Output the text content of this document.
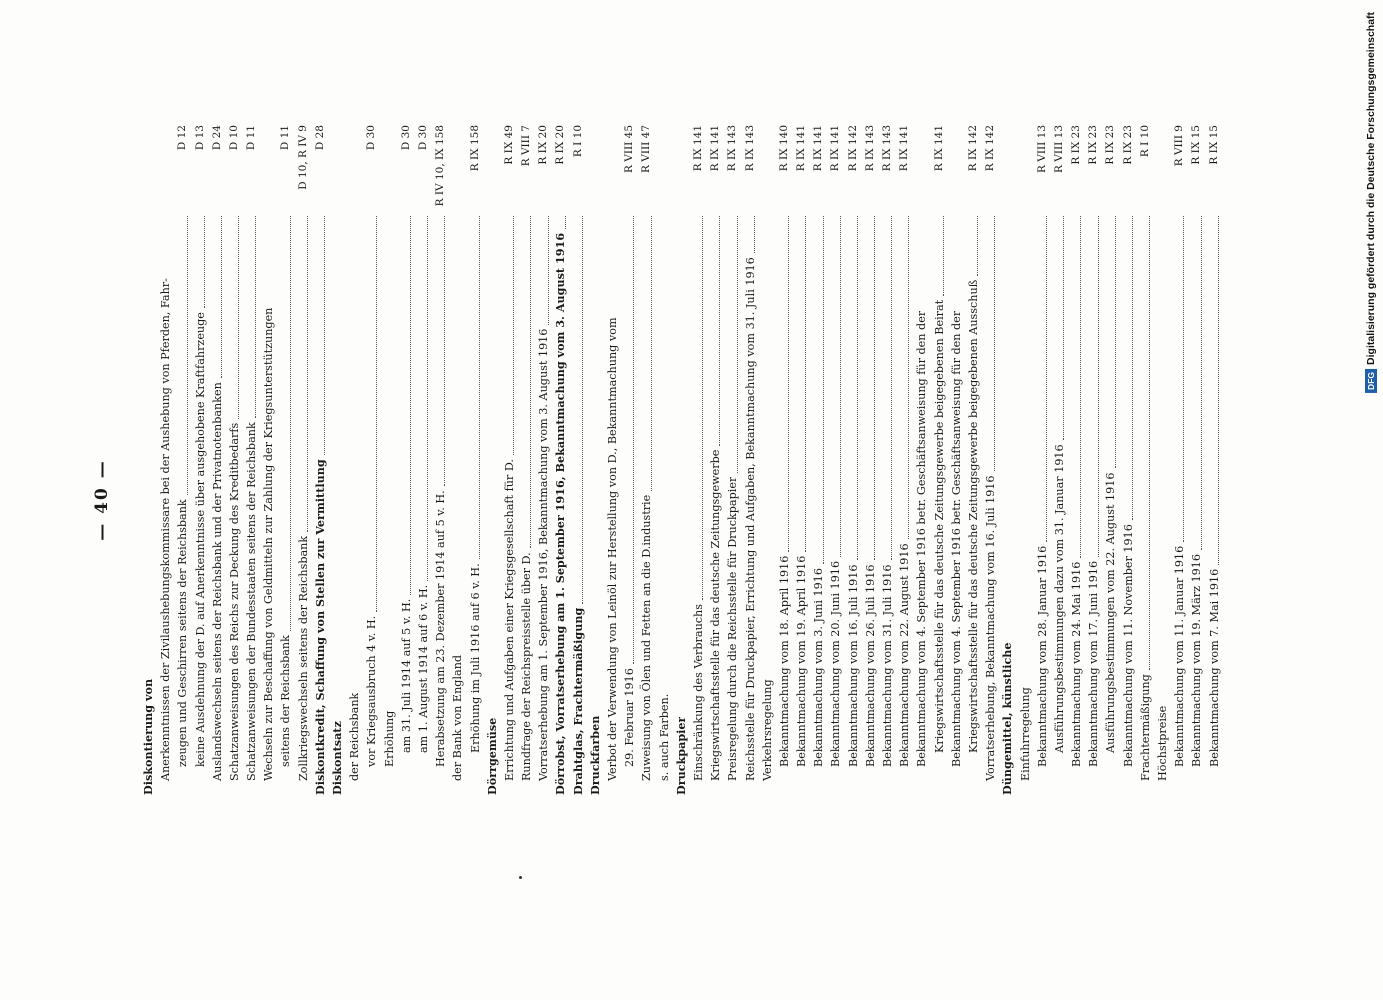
— 40 —
Diskontierung von Anerkenntnissen der Zivilaushebungskommissare bei der Aushebung von Pferden, Fahr- zeugen und Geschirren seitens der Reichsbank
D 12
keine Ausdehnung der D. auf Anerkenntnisse über ausgehobene Kraftfahrzeuge
D 13
Auslandswechseln seitens der Reichsbank und der Privatnotenbanken
D 24
Schatzanweisungen des Reichs zur Deckung des Kreditbedarfs
D 10
Schatzanweisungen der Bundesstaaten seitens der Reichsbank
D 11
Wechseln zur Beschaffung von Geldmitteln zur Zahlung der Kriegsunterstützungen seitens der Reichsbank
D 11
Zollkriegswechseln seitens der Reichsbank
D 10, R IV 9
Diskontkredit, Schaffung von Stellen zur Vermittlung
D 28
Diskontsatz der Reichsbank vor Kriegsausbruch 4 v. H.
D 30
Erhöhung am 31. Juli 1914 auf 5 v. H.
D 30
am 1. August 1914 auf 6 v. H.
D 30
Herabsetzung am 23. Dezember 1914 auf 5 v. H.
R IV 10, IX 158
der Bank von England Erhöhung im Juli 1916 auf 6 v. H.
R IX 158
Dörrgemüse Errichtung und Aufgaben einer Kriegsgesellschaft für D.
R IX 49
Rundfrage der Reichspreisstelle über D.
R VIII 7
Vorratserhebung am 1. September 1916, Bekanntmachung vom 3. August 1916
R IX 20
Dörrobst, Vorratserhebung am 1. September 1916, Bekanntmachung vom 3. August 1916
R IX 20
Drahtglas, Frachtermäßigung
R I 10
Druckfarben Verbot der Verwendung von Leinöl zur Herstellung von D., Bekanntmachung vom 29. Februar 1916
R VIII 45
Zuweisung von Ölen und Fetten an die D.industrie
R VIII 47
s. auch Farben. Druckpapier Einschränkung des Verbrauchs
R IX 141
Kriegswirtschaftsstelle für das deutsche Zeitungsgewerbe
R IX 141
Preisregelung durch die Reichsstelle für Druckpapier
R IX 143
Reichsstelle für Druckpapier, Errichtung und Aufgaben, Bekanntmachung vom 31. Juli 1916
R IX 143
Verkehrsregelung Bekanntmachung vom 18. April 1916
R IX 140
Bekanntmachung vom 19. April 1916
R IX 141
Bekanntmachung vom 3. Juni 1916
R IX 141
Bekanntmachung vom 20. Juni 1916
R IX 141
Bekanntmachung vom 16. Juli 1916
R IX 142
Bekanntmachung vom 26. Juli 1916
R IX 143
Bekanntmachung vom 31. Juli 1916
R IX 143
Bekanntmachung vom 22. August 1916
R IX 141
Bekanntmachung vom 4. September 1916 betr. Geschäftsanweisung für den der Kriegswirtschaftsstelle für das deutsche Zeitungsgewerbe beigegebenen Beirat
R IX 141
Bekanntmachung vom 4. September 1916 betr. Geschäftsanweisung für den der Kriegswirtschaftsstelle für das deutsche Zeitungsgewerbe beigegebenen Ausschuß
R IX 142
Vorratserhebung, Bekanntmachung vom 16. Juli 1916
R IX 142
Düngemittel, künstliche Einfuhrregelung Bekanntmachung vom 28. Januar 1916
R VIII 13
Ausführungsbestimmungen dazu vom 31. Januar 1916
R VIII 13
Bekanntmachung vom 24. Mai 1916
R IX 23
Bekanntmachung vom 17. Juni 1916
R IX 23
Ausführungsbestimmungen vom 22. August 1916
R IX 23
Bekanntmachung vom 11. November 1916
R IX 23
Frachtermäßigung
R I 10
Höchstpreise Bekanntmachung vom 11. Januar 1916
R VIII 9
Bekanntmachung vom 19. März 1916
R IX 15
Bekanntmachung vom 7. Mai 1916
R IX 15
DFG
Digitalisierung gefördert durch die Deutsche Forschungsgemeinschaft
